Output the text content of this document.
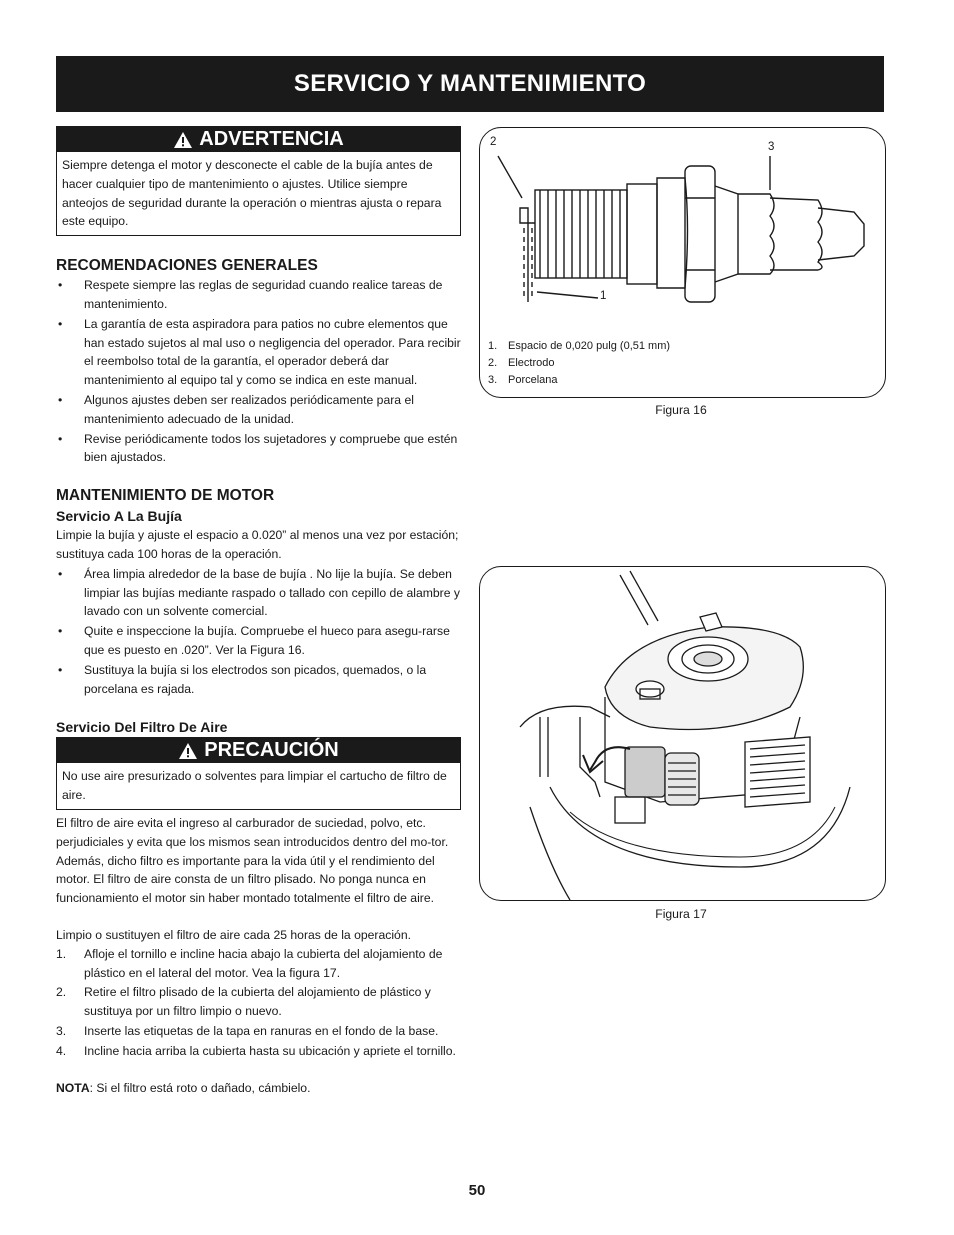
SERVICIO Y MANTENIMIENTO
ADVERTENCIA
Siempre detenga el motor y desconecte el cable de la bujía antes de hacer cualquier tipo de mantenimiento o ajustes. Utilice siempre anteojos de seguridad durante la operación o mientras ajusta o repara este equipo.
RECOMENDACIONES GENERALES
• Respete siempre las reglas de seguridad cuando realice tareas de mantenimiento.
• La garantía de esta aspiradora para patios no cubre elementos que han estado sujetos al mal uso o negligencia del operador. Para recibir el reembolso total de la garantía, el operador deberá dar mantenimiento al equipo tal y como se indica en este manual.
• Algunos ajustes deben ser realizados periódicamente para el mantenimiento adecuado de la unidad.
• Revise periódicamente todos los sujetadores y compruebe que estén bien ajustados.
MANTENIMIENTO DE MOTOR
Servicio A La Bujía

Limpie la bujía y ajuste el espacio a 0.020” al menos una vez por estación; sustituya cada 100 horas de la operación.

• Área limpia alrededor de la base de bujía . No lije la bujía. Se deben limpiar las bujías mediante raspado o tallado con cepillo de alambre y lavado con un solvente comercial.
• Quite e inspeccione la bujía. Compruebe el hueco para asegu-rarse que es puesto en .020”. Ver la Figura 16.
• Sustituya la bujía si los electrodos son picados, quemados, o la porcelana es rajada.
Servicio Del Filtro De Aire
PRECAUCIÓN
No use aire presurizado o solventes para limpiar el cartucho de filtro de aire.

El filtro de aire evita el ingreso al carburador de suciedad, polvo, etc. perjudiciales y evita que los mismos sean introducidos dentro del mo-tor. Además, dicho filtro es importante para la vida útil y el rendimiento del motor. El filtro de aire consta de un filtro plisado. No ponga nunca en funcionamiento el motor sin haber montado totalmente el filtro de aire.

Limpio o sustituyen el filtro de aire cada 25 horas de la operación.

1. Afloje el tornillo e incline hacia abajo la cubierta del alojamiento de plástico en el lateral del motor. Vea la figura 17.
2. Retire el filtro plisado de la cubierta del alojamiento de plástico y sustituya por un filtro limpio o nuevo.
3. Inserte las etiquetas de la tapa en ranuras en el fondo de la base.
4. Incline hacia arriba la cubierta hasta su ubicación y apriete el tornillo.

NOTA: Si el filtro está roto o dañado, cámbielo.

2	3
1
1. Espacio de 0,020 pulg (0,51 mm)
2. Electrodo
3. Porcelana
Figura 16
Figura 17
50
